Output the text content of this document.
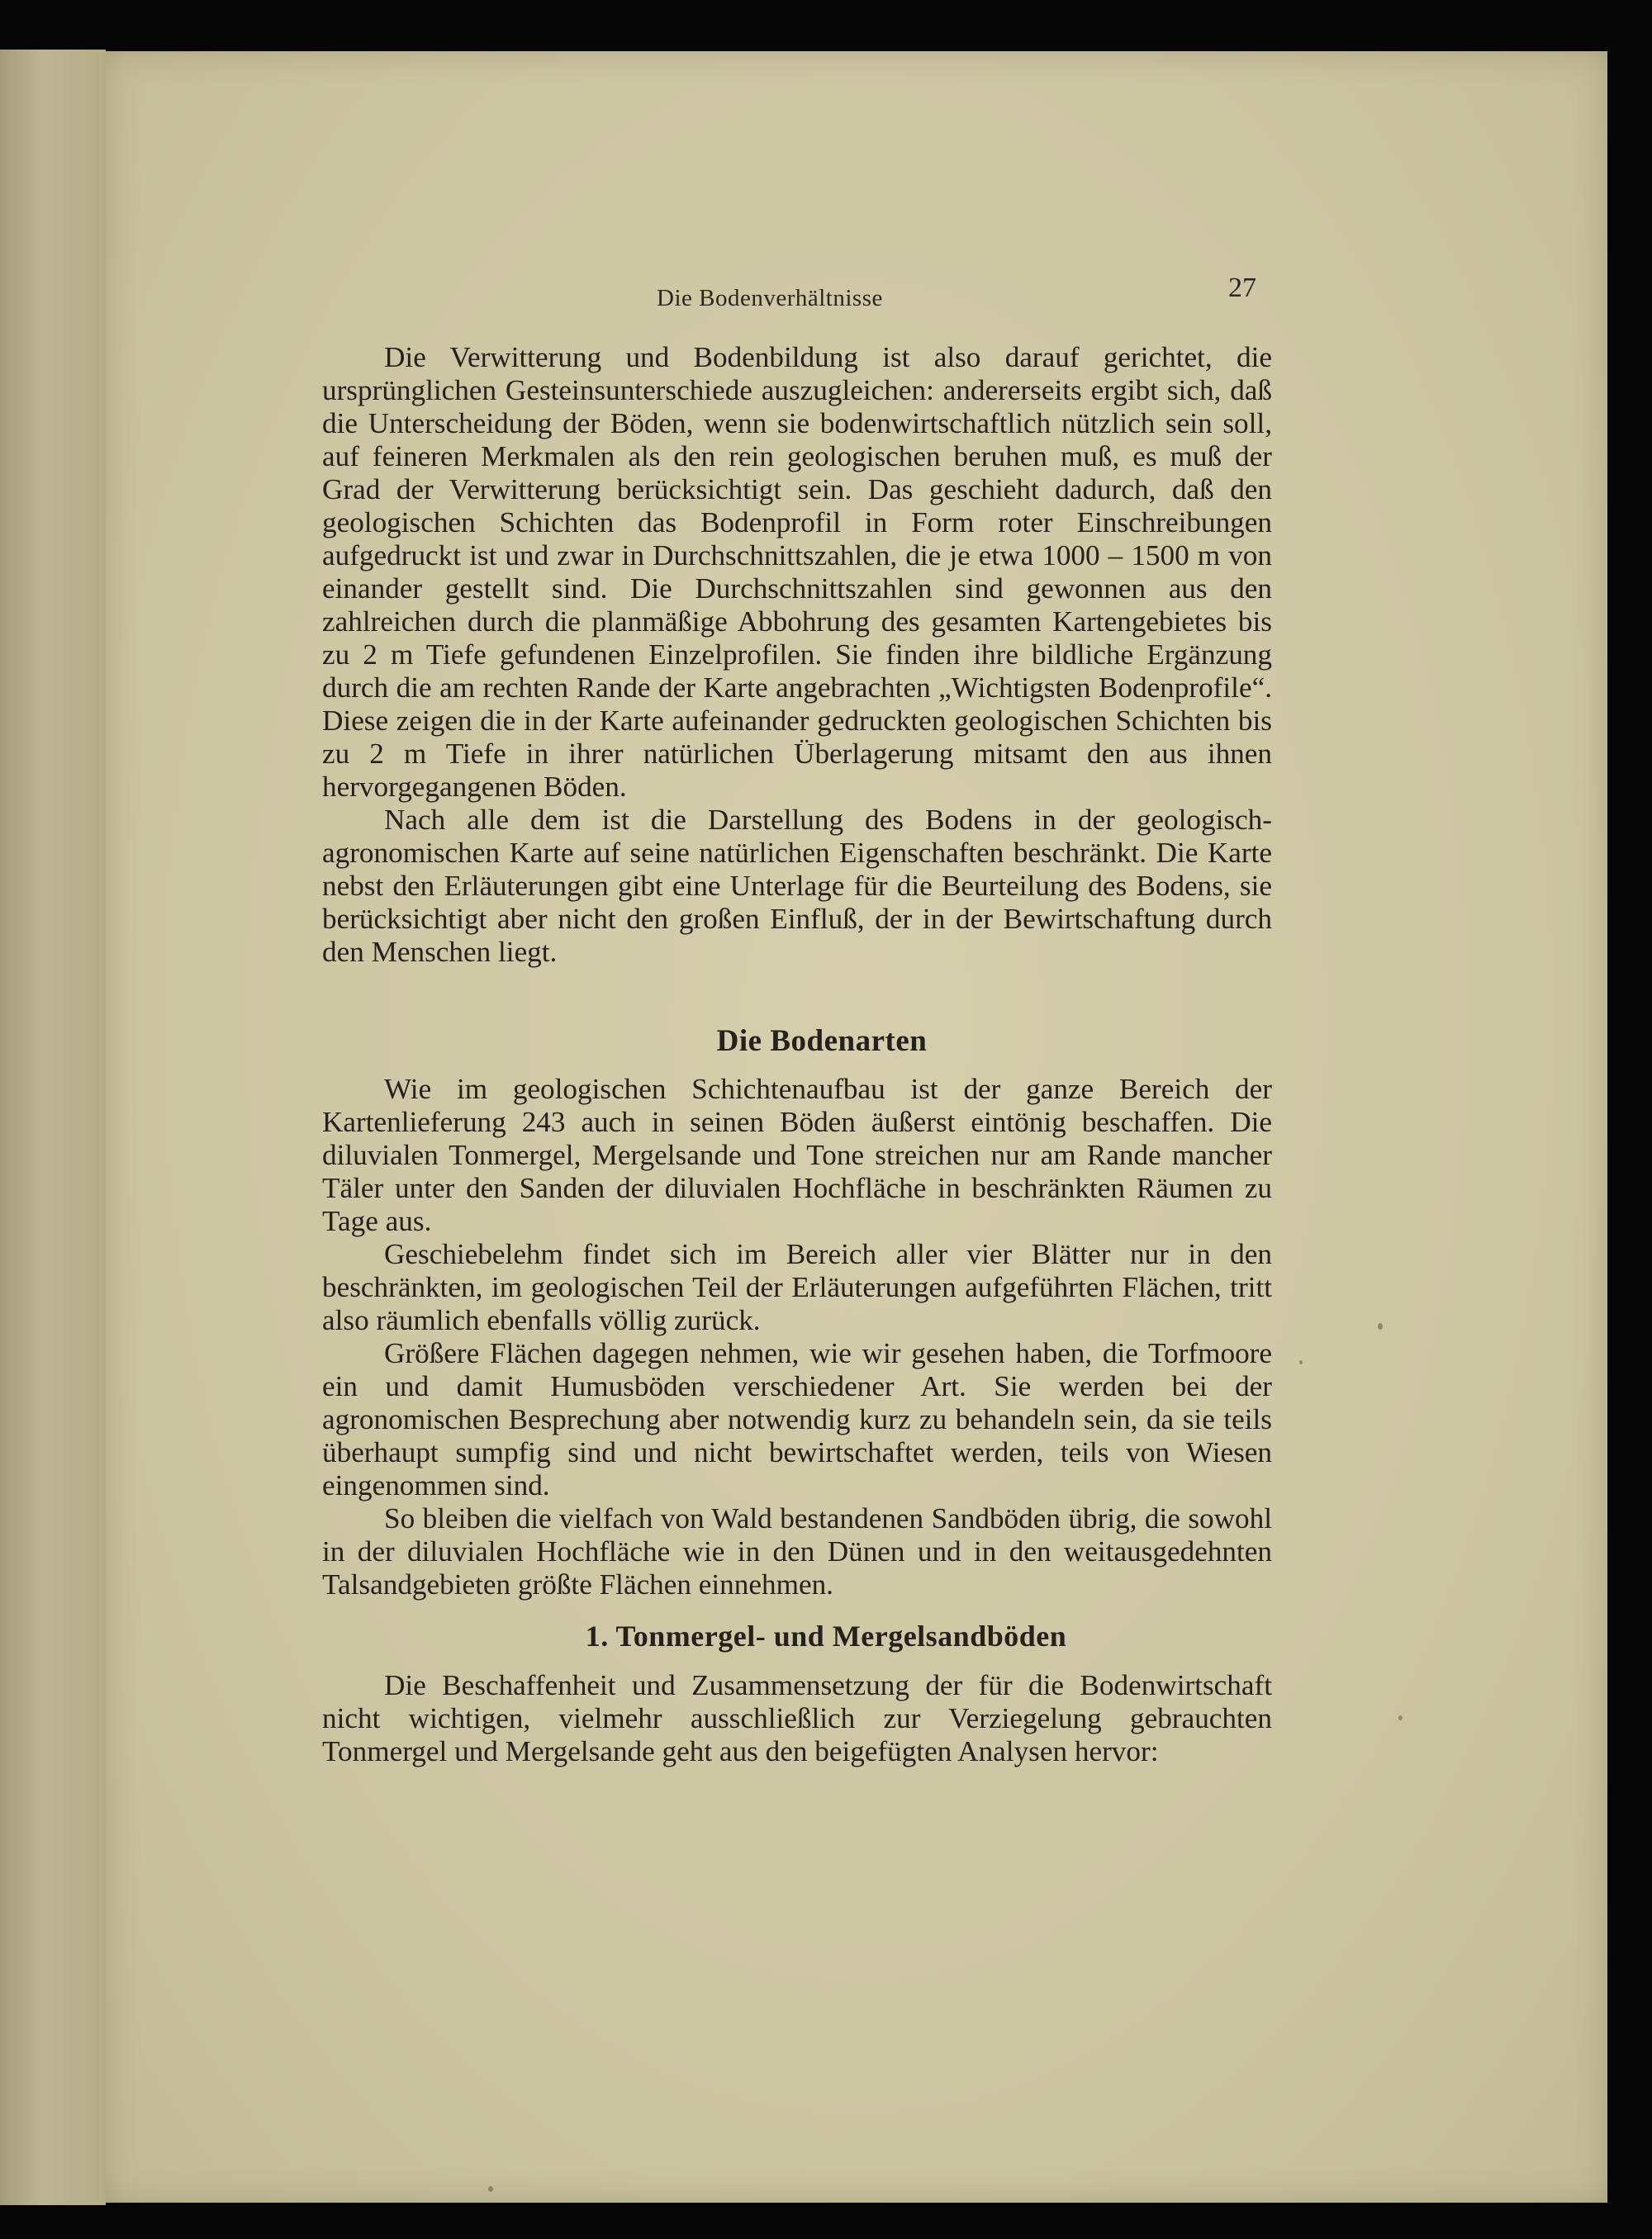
Die Bodenverhältnisse	27

Die Verwitterung und Bodenbildung ist also darauf gerichtet, die ursprünglichen Gesteinsunterschiede auszugleichen: andererseits ergibt sich, daß die Unterscheidung der Böden, wenn sie bodenwirtschaftlich nützlich sein soll, auf feineren Merkmalen als den rein geologischen beruhen muß, es muß der Grad der Verwitterung berücksichtigt sein. Das geschieht dadurch, daß den geologischen Schichten das Bodenprofil in Form roter Einschreibungen aufgedruckt ist und zwar in Durchschnittszahlen, die je etwa 1000 – 1500 m von einander gestellt sind. Die Durchschnittszahlen sind gewonnen aus den zahlreichen durch die planmäßige Abbohrung des gesamten Kartengebietes bis zu 2 m Tiefe gefundenen Einzelprofilen. Sie finden ihre bildliche Ergänzung durch die am rechten Rande der Karte angebrachten „Wichtigsten Bodenprofile“. Diese zeigen die in der Karte aufeinander gedruckten geologischen Schichten bis zu 2 m Tiefe in ihrer natürlichen Überlagerung mitsamt den aus ihnen hervorgegangenen Böden.

Nach alle dem ist die Darstellung des Bodens in der geologisch-agronomischen Karte auf seine natürlichen Eigenschaften beschränkt. Die Karte nebst den Erläuterungen gibt eine Unterlage für die Beurteilung des Bodens, sie berücksichtigt aber nicht den großen Einfluß, der in der Bewirtschaftung durch den Menschen liegt.

Die Bodenarten

Wie im geologischen Schichtenaufbau ist der ganze Bereich der Kartenlieferung 243 auch in seinen Böden äußerst eintönig beschaffen. Die diluvialen Tonmergel, Mergelsande und Tone streichen nur am Rande mancher Täler unter den Sanden der diluvialen Hochfläche in beschränkten Räumen zu Tage aus.

Geschiebelehm findet sich im Bereich aller vier Blätter nur in den beschränkten, im geologischen Teil der Erläuterungen aufgeführten Flächen, tritt also räumlich ebenfalls völlig zurück.

Größere Flächen dagegen nehmen, wie wir gesehen haben, die Torfmoore ein und damit Humusböden verschiedener Art. Sie werden bei der agronomischen Besprechung aber notwendig kurz zu behandeln sein, da sie teils überhaupt sumpfig sind und nicht bewirtschaftet werden, teils von Wiesen eingenommen sind.

So bleiben die vielfach von Wald bestandenen Sandböden übrig, die sowohl in der diluvialen Hochfläche wie in den Dünen und in den weitausgedehnten Talsandgebieten größte Flächen einnehmen.

1. Tonmergel- und Mergelsandböden

Die Beschaffenheit und Zusammensetzung der für die Bodenwirtschaft nicht wichtigen, vielmehr ausschließlich zur Verziegelung gebrauchten Tonmergel und Mergelsande geht aus den beigefügten Analysen hervor:
